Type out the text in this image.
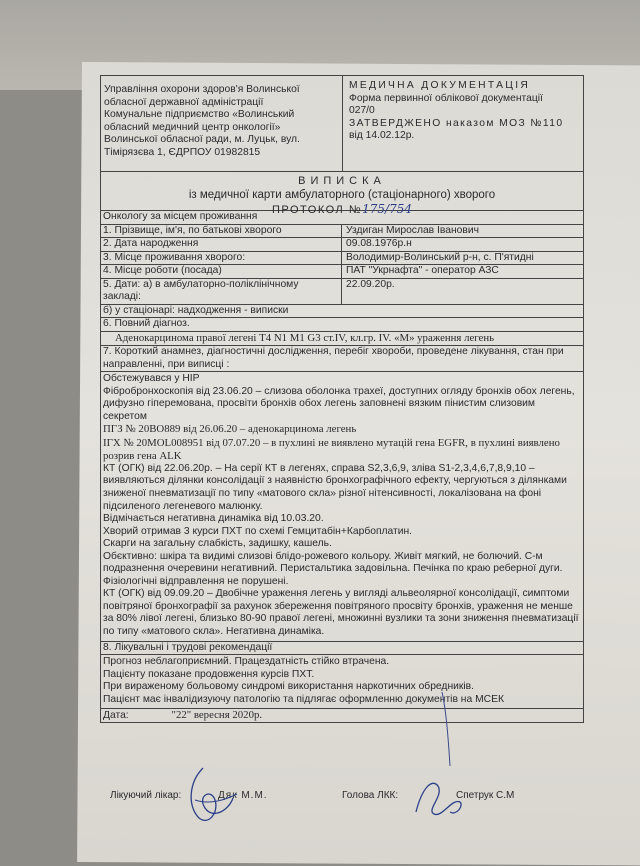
Управління охорони здоров'я Волинської
обласної державної адміністрації
Комунальне підприємство «Волинський
обласний медичний центр онкології»
Волинської обласної ради, м. Луцьк, вул.
Тімірязєва 1, ЄДРПОУ 01982815
МЕДИЧНА ДОКУМЕНТАЦІЯ
Форма первинної облікової документації
027/0
ЗАТВЕРДЖЕНО наказом МОЗ №110
від 14.02.12р.
ВИПИСКА
із медичної карти амбулаторного (стаціонарного) хворого
ПРОТОКОЛ №175/754
Онкологу за місцем проживання
1. Прізвище, ім'я, по батькові хворого	Уздиган Мирослав Іванович
2. Дата народження	09.08.1976р.н
3. Місце проживання хворого:	Володимир-Волинський р-н, с. П'ятидні
4. Місце роботи (посада)	ПАТ "Укрнафта" - оператор АЗС
5. Дати: а) в амбулаторно-поліклінічному закладі:
22.09.20р.
б) у стаціонарі: надходження - виписки
6. Повний діагноз.
Аденокарцинома правої легені T4 N1 M1 G3 ст.IV, кл.гр. IV. «M» ураження легень
7. Короткий анамнез, діагностичні дослідження, перебіг хвороби, проведене лікування, стан при направленні, при виписці :

Обстежувався у НІР

Фібробронхоскопія від 23.06.20 – слизова оболонка трахеї, доступних огляду бронхів обох легень, дифузно гіперемована, просвіти бронхів обох легень заповнені вязким пінистим слизовим секретом

ПГЗ № 20ВО889 від 26.06.20 – аденокарцинома легень

ІГХ № 20MOL008951 від 07.07.20 – в пухлині не виявлено мутацій гена EGFR, в пухлині виявлено розрив гена ALK

КТ (ОГК) від 22.06.20р. – На серії КТ в легенях, справа S2,3,6,9, зліва S1-2,3,4,6,7,8,9,10 – виявляються ділянки консолідації з наявністю бронхографічного ефекту, чергуються з ділянками зниженої пневматизації по типу «матового скла» різної нітенсивності, локалізована на фоні підсиленого легеневого малюнку.

Відмічається негативна динаміка від 10.03.20.

Хворий отримав 3 курси ПХТ по схемі Гемцитабін+Карбоплатин.

Скарги на загальну слабкість, задишку, кашель.

Обєктивно: шкіра та видимі слизові блідо-рожевого кольору. Живіт мягкий, не болючий. С-м подразнення очеревини негативний. Перистальтика задовільна. Печінка по краю реберної дуги. Фізіологічні відправлення не порушені.

КТ (ОГК) від 09.09.20 – Двобічне ураження легень у вигляді альвеолярної консолідації, симптоми повітряної бронхографії за рахунок збереження повітряного просвіту бронхів, ураження не менше за 80% лівої легені, близько 80-90 правої легені, множинні вузлики та зони зниження пневматизації по типу «матового скла». Негативна динаміка.

8. Лікувальні і трудові рекомендації

Прогноз неблагоприємний. Працездатність стійко втрачена.

Пацієнту показане продовження курсів ПХТ.

При вираженому больовому синдромі використання наркотичних обредників.

Пацієнт має інвалідизуючу патологію та підлягає оформленню документів на МСЕК

Дата:	"22" вересня 2020р.
Лікуючий лікар:	Дяк М.М.	Голова ЛКК:	Спетрук С.М
